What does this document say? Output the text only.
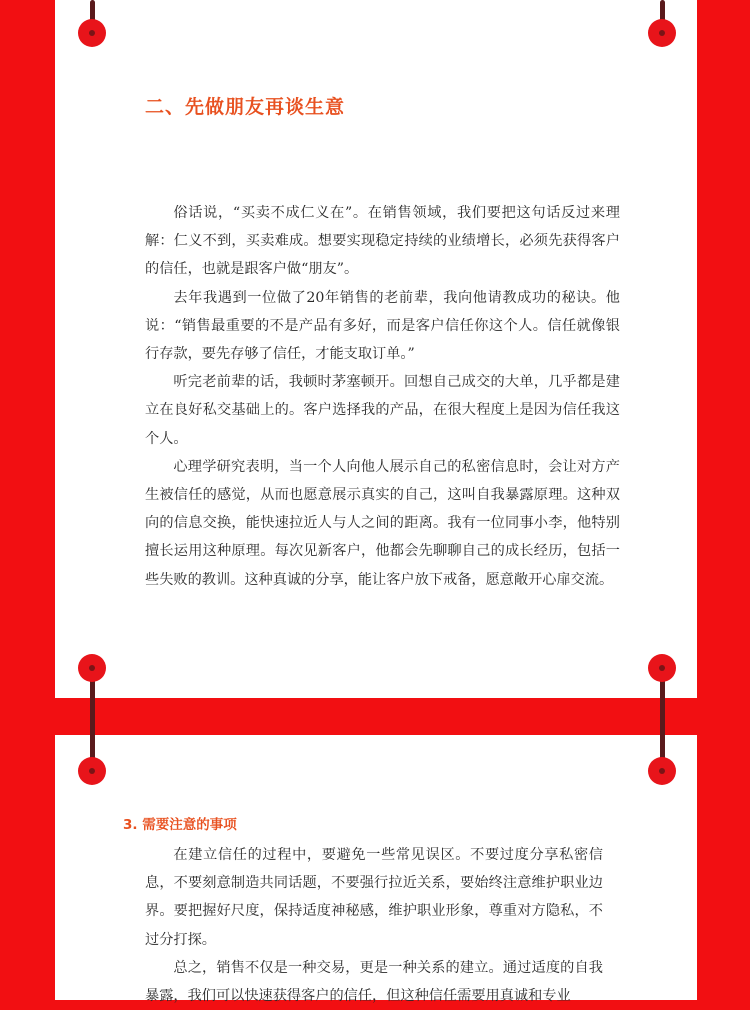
二、先做朋友再谈生意

俗话说，“买卖不成仁义在”。在销售领域，我们要把这句话反过来理解：仁义不到，买卖难成。想要实现稳定持续的业绩增长，必须先获得客户的信任，也就是跟客户做“朋友”。

去年我遇到一位做了20年销售的老前辈，我向他请教成功的秘诀。他说：“销售最重要的不是产品有多好，而是客户信任你这个人。信任就像银行存款，要先存够了信任，才能支取订单。”

听完老前辈的话，我顿时茅塞顿开。回想自己成交的大单，几乎都是建立在良好私交基础上的。客户选择我的产品，在很大程度上是因为信任我这个人。

心理学研究表明，当一个人向他人展示自己的私密信息时，会让对方产生被信任的感觉，从而也愿意展示真实的自己，这叫自我暴露原理。这种双向的信息交换，能快速拉近人与人之间的距离。我有一位同事小李，他特别擅长运用这种原理。每次见新客户，他都会先聊聊自己的成长经历，包括一些失败的教训。这种真诚的分享，能让客户放下戒备，愿意敞开心扉交流。

3. 需要注意的事项

在建立信任的过程中，要避免一些常见误区。不要过度分享私密信息，不要刻意制造共同话题，不要强行拉近关系，要始终注意维护职业边界。要把握好尺度，保持适度神秘感，维护职业形象，尊重对方隐私，不过分打探。

总之，销售不仅是一种交易，更是一种关系的建立。通过适度的自我暴露，我们可以快速获得客户的信任，但这种信任需要用真诚和专业
